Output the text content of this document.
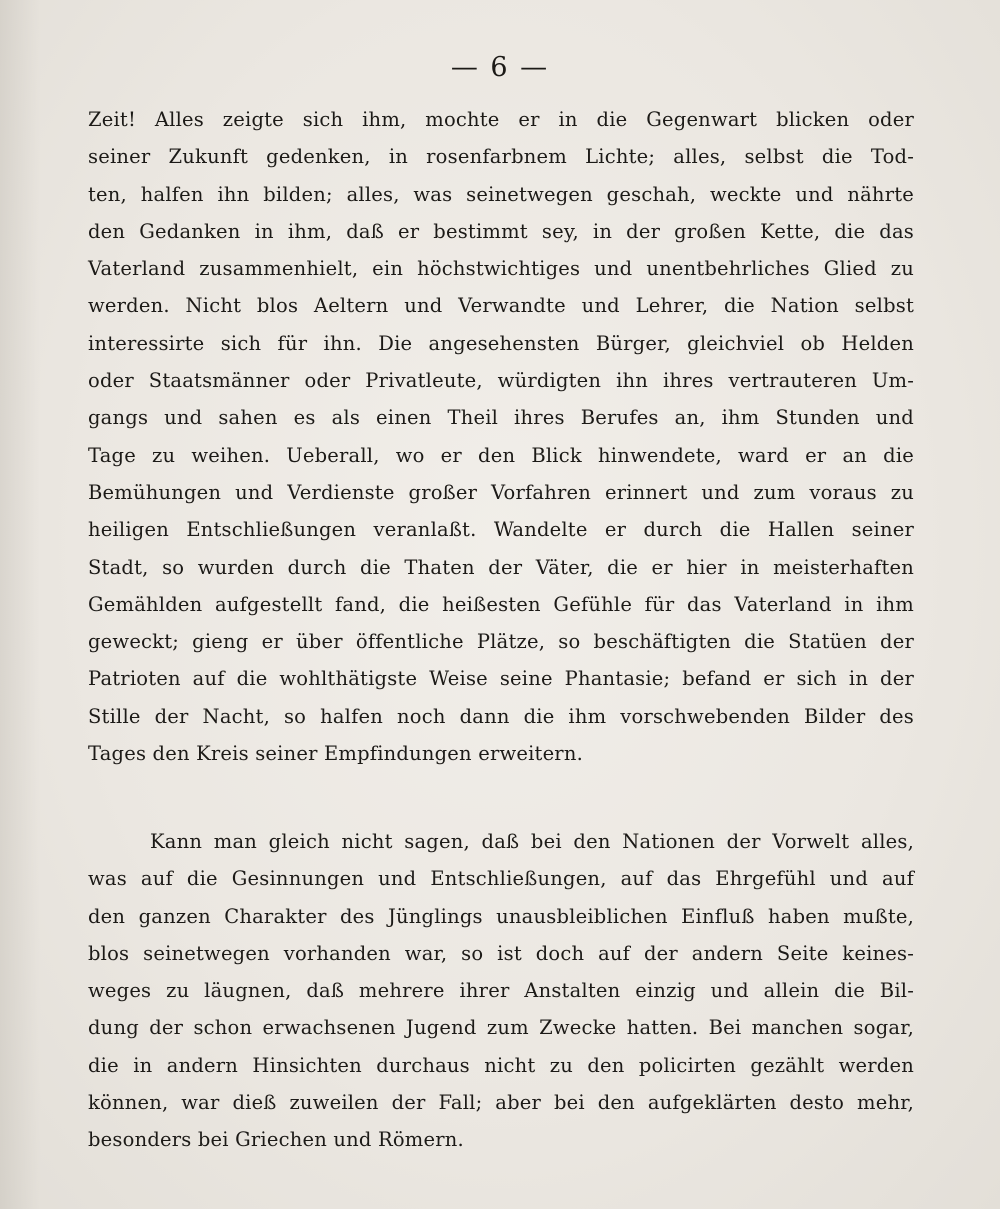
— 6 —
Zeit! Alles zeigte sich ihm, mochte er in die Gegenwart blicken oder
seiner Zukunft gedenken, in rosenfarbnem Lichte; alles, selbst die Tod-
ten, halfen ihn bilden; alles, was seinetwegen geschah, weckte und nährte
den Gedanken in ihm, daß er bestimmt sey, in der großen Kette, die das
Vaterland zusammenhielt, ein höchstwichtiges und unentbehrliches Glied zu
werden. Nicht blos Aeltern und Verwandte und Lehrer, die Nation selbst
interessirte sich für ihn. Die angesehensten Bürger, gleichviel ob Helden
oder Staatsmänner oder Privatleute, würdigten ihn ihres vertrauteren Um-
gangs und sahen es als einen Theil ihres Berufes an, ihm Stunden und
Tage zu weihen. Ueberall, wo er den Blick hinwendete, ward er an die
Bemühungen und Verdienste großer Vorfahren erinnert und zum voraus zu
heiligen Entschließungen veranlaßt. Wandelte er durch die Hallen seiner
Stadt, so wurden durch die Thaten der Väter, die er hier in meisterhaften
Gemählden aufgestellt fand, die heißesten Gefühle für das Vaterland in ihm
geweckt; gieng er über öffentliche Plätze, so beschäftigten die Statüen der
Patrioten auf die wohlthätigste Weise seine Phantasie; befand er sich in der
Stille der Nacht, so halfen noch dann die ihm vorschwebenden Bilder des
Tages den Kreis seiner Empfindungen erweitern.
Kann man gleich nicht sagen, daß bei den Nationen der Vorwelt alles,
was auf die Gesinnungen und Entschließungen, auf das Ehrgefühl und auf
den ganzen Charakter des Jünglings unausbleiblichen Einfluß haben mußte,
blos seinetwegen vorhanden war, so ist doch auf der andern Seite keines-
weges zu läugnen, daß mehrere ihrer Anstalten einzig und allein die Bil-
dung der schon erwachsenen Jugend zum Zwecke hatten. Bei manchen sogar,
die in andern Hinsichten durchaus nicht zu den policirten gezählt werden
können, war dieß zuweilen der Fall; aber bei den aufgeklärten desto mehr,
besonders bei Griechen und Römern.
